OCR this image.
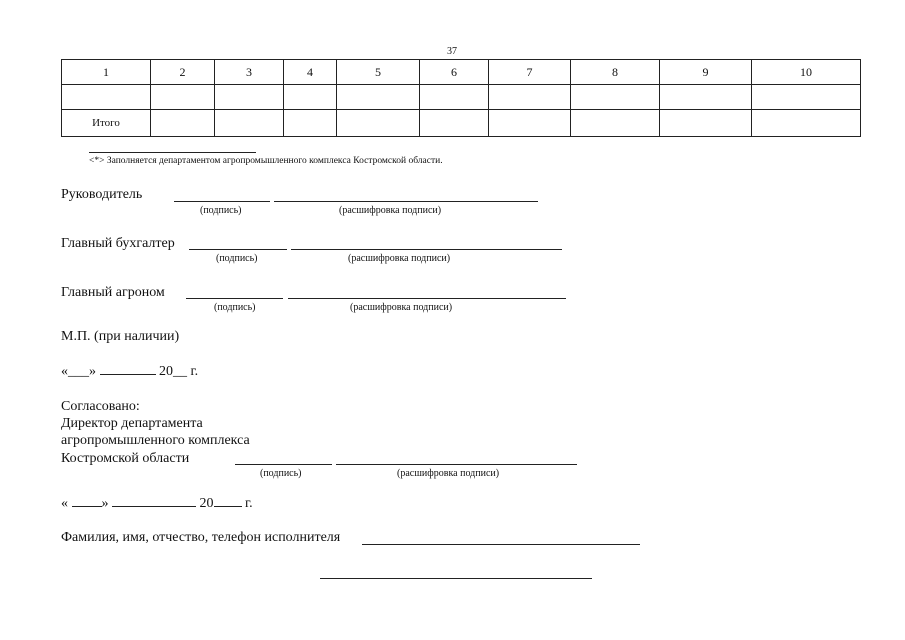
37
1	2	3	4	5	6	7	8	9	10

Итого									
<*> Заполняется департаментом агропромышленного комплекса Костромской области.
Руководитель
(подпись)	(расшифровка подписи)
Главный бухгалтер
(подпись)	(расшифровка подписи)
Главный агроном
(подпись)	(расшифровка подписи)
М.П. (при наличии)
«___»	20__ г.
Согласовано:
Директор департамента
агропромышленного комплекса
Костромской области
(подпись)	(расшифровка подписи)
« »	20 г.
Фамилия, имя, отчество, телефон исполнителя
